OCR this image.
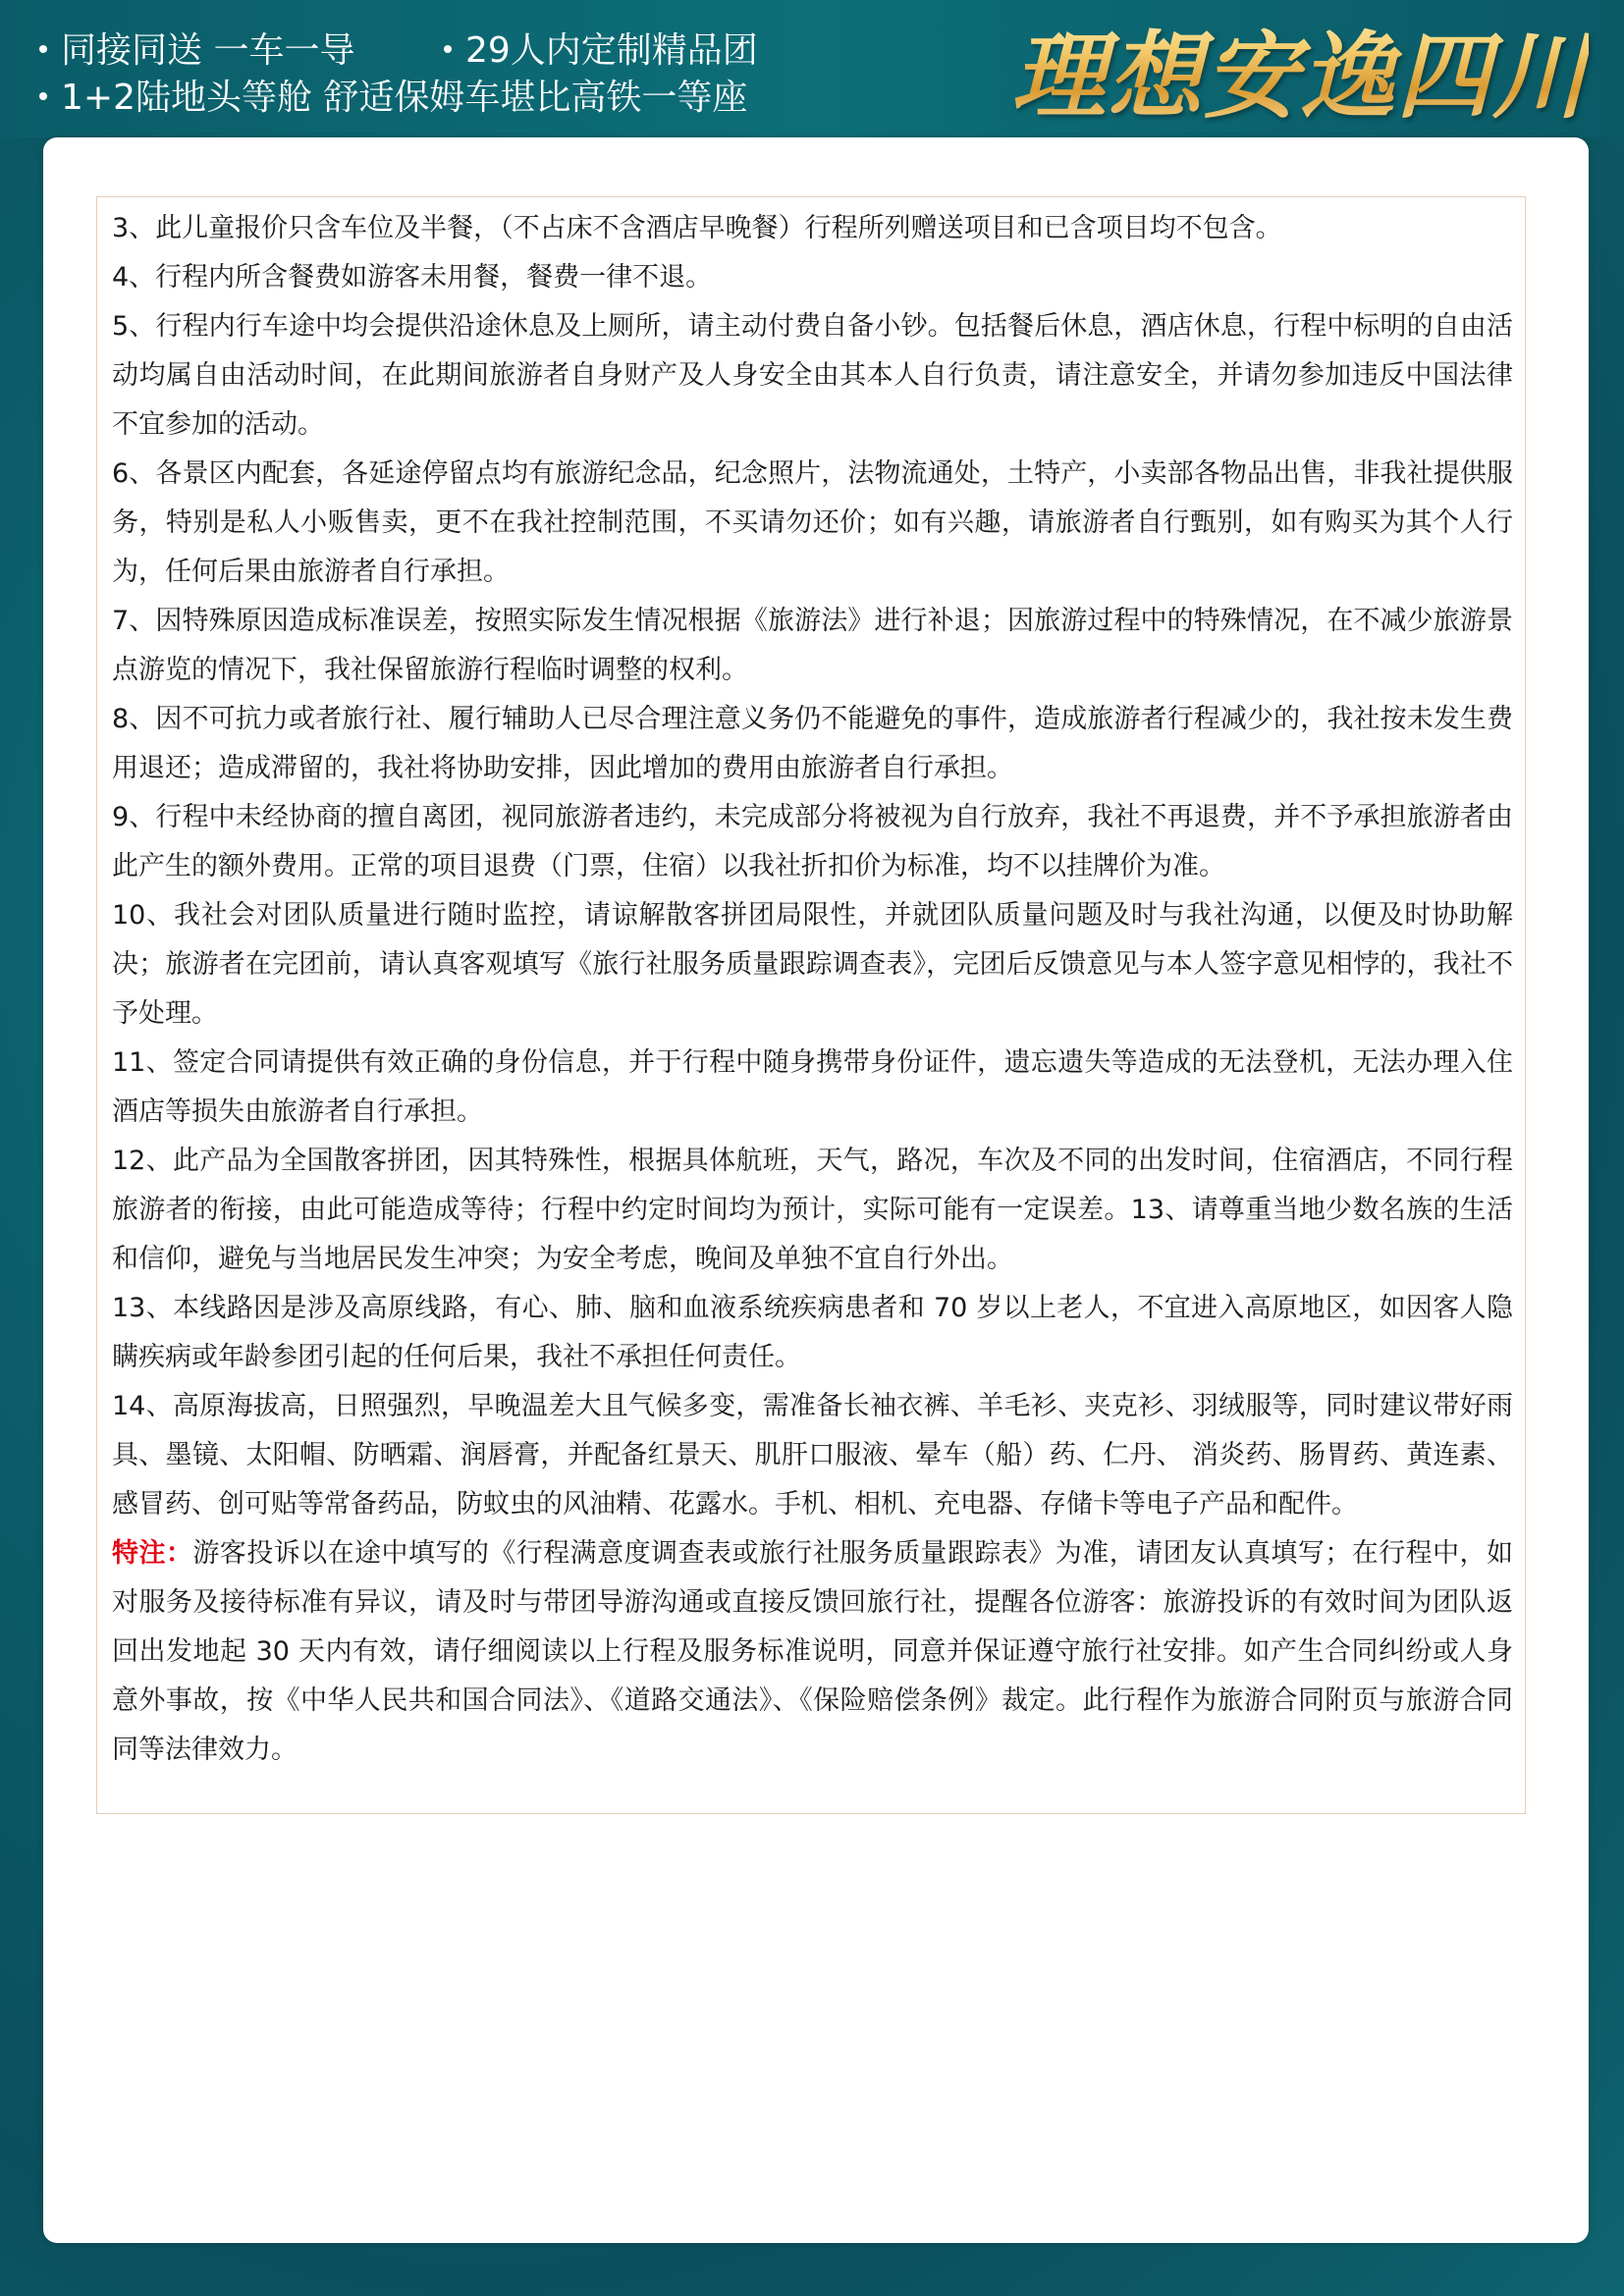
同接同送 一车一导	29人内定制精品团
1+2陆地头等舱 舒适保姆车堪比高铁一等座	理想安逸四川

3、此儿童报价只含车位及半餐，（不占床不含酒店早晚餐）行程所列赠送项目和已含项目均不包含。

4、行程内所含餐费如游客未用餐，餐费一律不退。

5、行程内行车途中均会提供沿途休息及上厕所，请主动付费自备小钞。包括餐后休息，酒店休息，行程中标明的自由活动均属自由活动时间，在此期间旅游者自身财产及人身安全由其本人自行负责，请注意安全，并请勿参加违反中国法律不宜参加的活动。

6、各景区内配套，各延途停留点均有旅游纪念品，纪念照片，法物流通处，土特产，小卖部各物品出售，非我社提供服务，特别是私人小贩售卖，更不在我社控制范围，不买请勿还价；如有兴趣，请旅游者自行甄别，如有购买为其个人行为，任何后果由旅游者自行承担。

7、因特殊原因造成标准误差，按照实际发生情况根据《旅游法》进行补退；因旅游过程中的特殊情况，在不减少旅游景点游览的情况下，我社保留旅游行程临时调整的权利。

8、因不可抗力或者旅行社、履行辅助人已尽合理注意义务仍不能避免的事件，造成旅游者行程减少的，我社按未发生费用退还；造成滞留的，我社将协助安排，因此增加的费用由旅游者自行承担。

9、行程中未经协商的擅自离团，视同旅游者违约，未完成部分将被视为自行放弃，我社不再退费，并不予承担旅游者由此产生的额外费用。正常的项目退费（门票，住宿）以我社折扣价为标准，均不以挂牌价为准。

10、我社会对团队质量进行随时监控，请谅解散客拼团局限性，并就团队质量问题及时与我社沟通，以便及时协助解决；旅游者在完团前，请认真客观填写《旅行社服务质量跟踪调查表》，完团后反馈意见与本人签字意见相悖的，我社不予处理。

11、签定合同请提供有效正确的身份信息，并于行程中随身携带身份证件，遗忘遗失等造成的无法登机，无法办理入住酒店等损失由旅游者自行承担。

12、此产品为全国散客拼团，因其特殊性，根据具体航班，天气，路况，车次及不同的出发时间，住宿酒店，不同行程旅游者的衔接，由此可能造成等待；行程中约定时间均为预计，实际可能有一定误差。13、请尊重当地少数名族的生活和信仰，避免与当地居民发生冲突；为安全考虑，晚间及单独不宜自行外出。

13、本线路因是涉及高原线路，有心、肺、脑和血液系统疾病患者和 70 岁以上老人，不宜进入高原地区，如因客人隐瞒疾病或年龄参团引起的任何后果，我社不承担任何责任。

14、高原海拔高，日照强烈，早晚温差大且气候多变，需准备长袖衣裤、羊毛衫、夹克衫、羽绒服等，同时建议带好雨具、墨镜、太阳帽、防晒霜、润唇膏，并配备红景天、肌肝口服液、晕车（船）药、仁丹、 消炎药、肠胃药、黄连素、感冒药、创可贴等常备药品，防蚊虫的风油精、花露水。手机、相机、充电器、存储卡等电子产品和配件。

特注：游客投诉以在途中填写的《行程满意度调查表或旅行社服务质量跟踪表》为准，请团友认真填写；在行程中，如对服务及接待标准有异议，请及时与带团导游沟通或直接反馈回旅行社，提醒各位游客：旅游投诉的有效时间为团队返回出发地起 30 天内有效，请仔细阅读以上行程及服务标准说明，同意并保证遵守旅行社安排。如产生合同纠纷或人身意外事故，按《中华人民共和国合同法》、《道路交通法》、《保险赔偿条例》裁定。此行程作为旅游合同附页与旅游合同同等法律效力。
